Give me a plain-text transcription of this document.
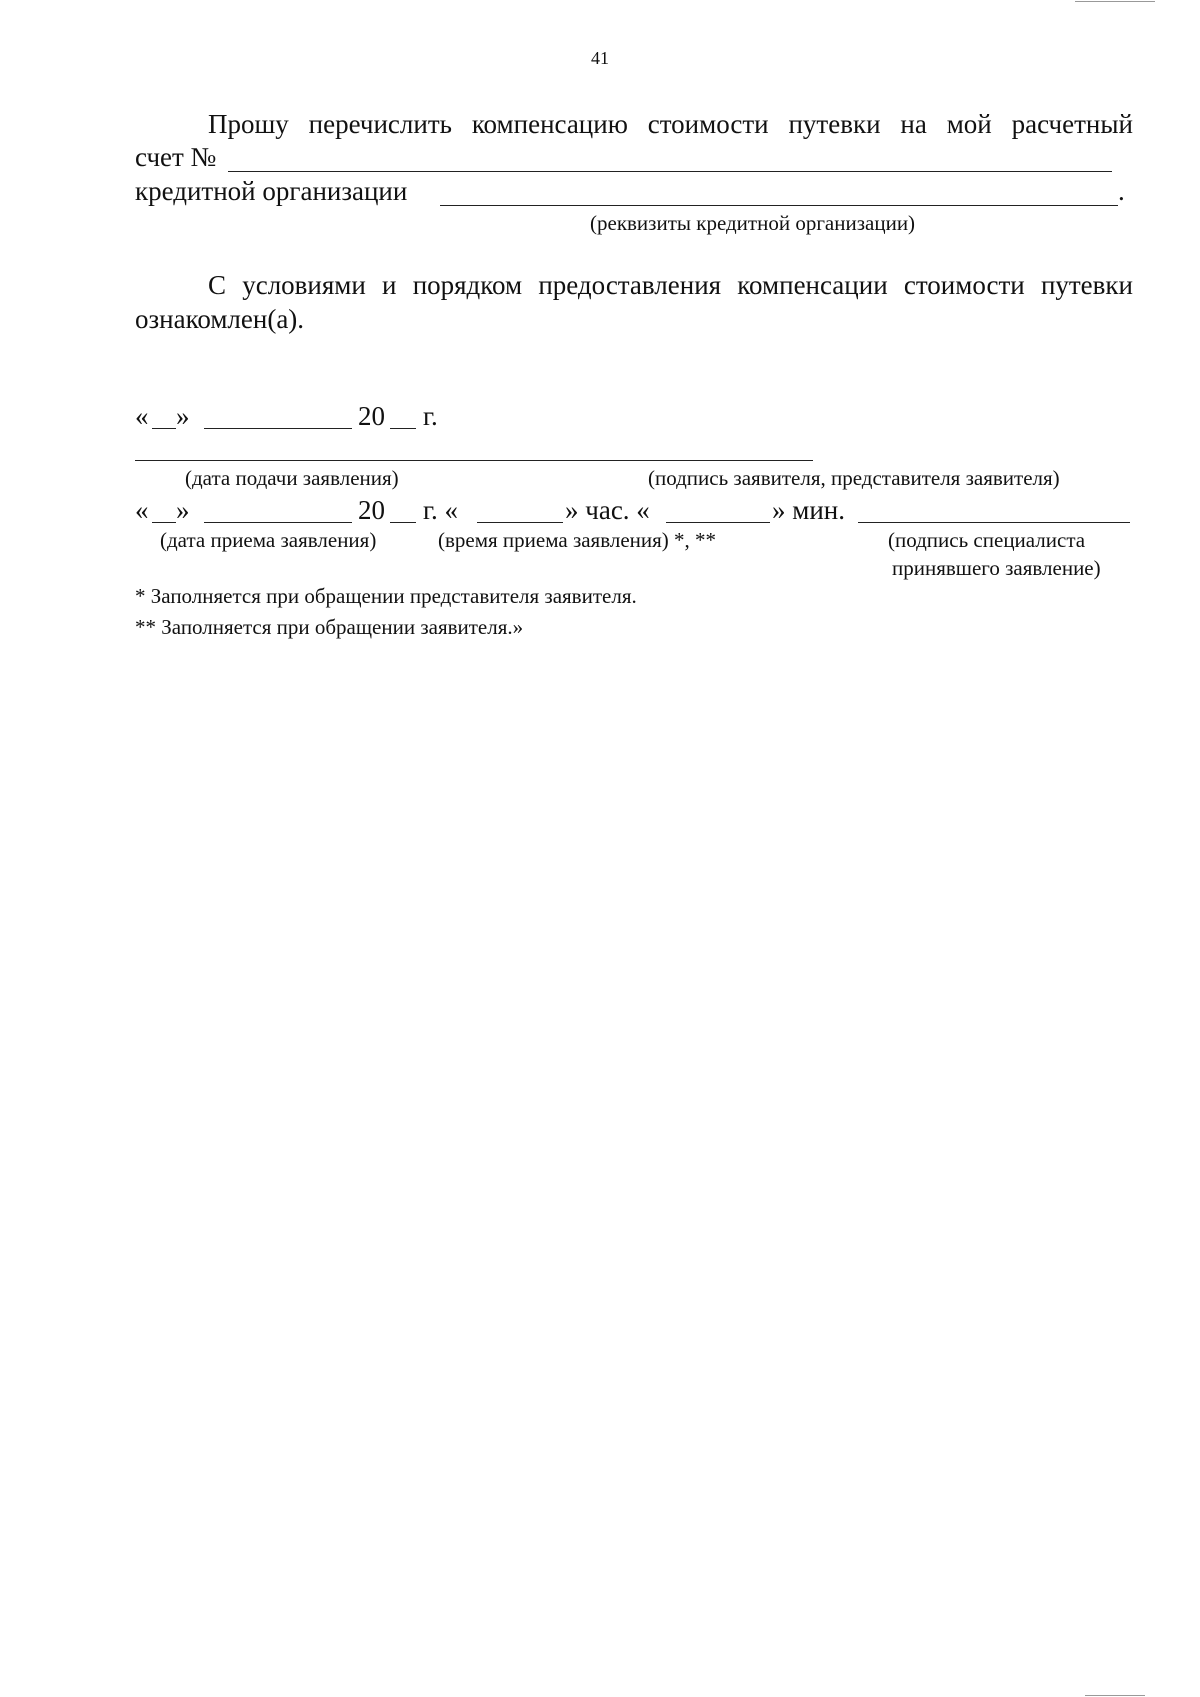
41
Прошу перечислить компенсацию стоимости путевки на мой расчетный
счет №
кредитной организации	.
(реквизиты кредитной организации)
С условиями и порядком предоставления компенсации стоимости путевки
ознакомлен(а).
« »	20 г.
(дата подачи заявления)	(подпись заявителя, представителя заявителя)
« »	20 г. «	» час. «	» мин.
(дата приема заявления)	(время приема заявления) *, **	(подпись специалиста
принявшего заявление)
* Заполняется при обращении представителя заявителя.
** Заполняется при обращении заявителя.»
